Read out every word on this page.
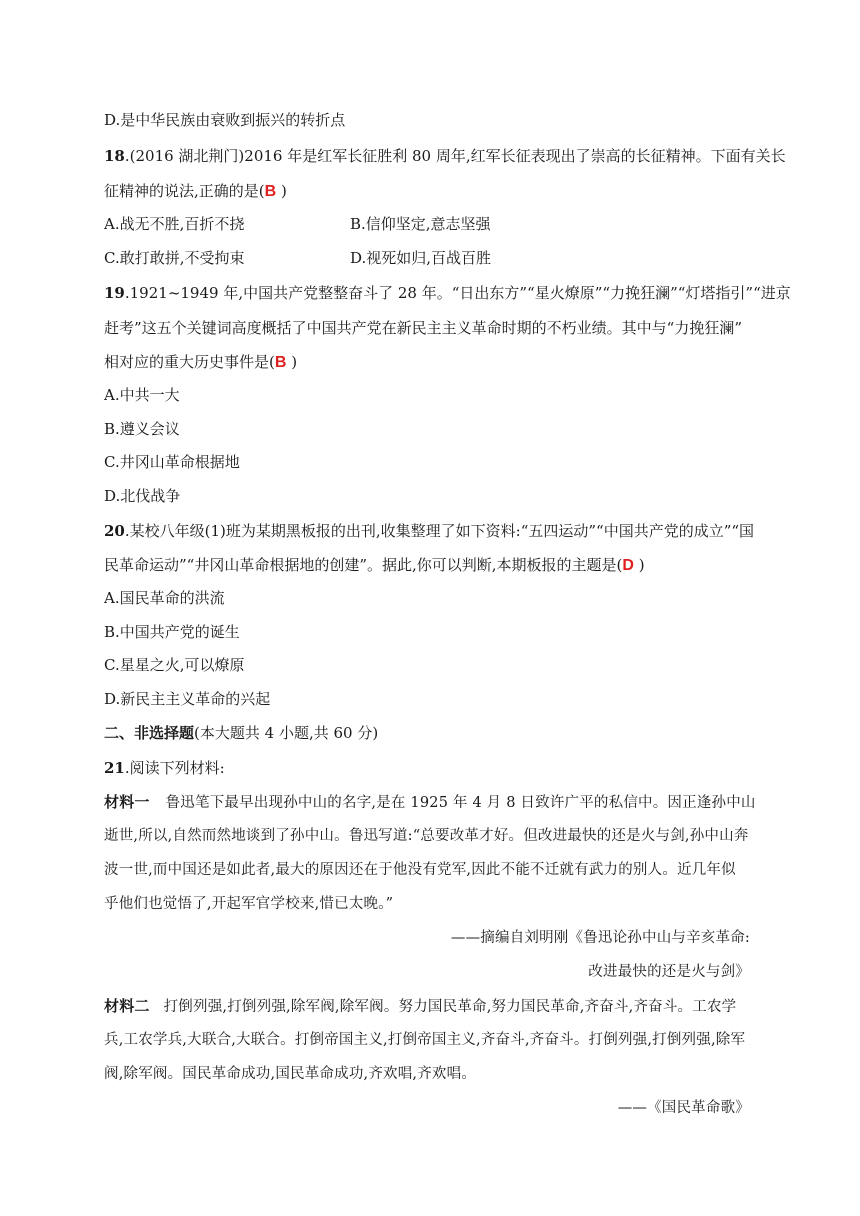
D.是中华民族由衰败到振兴的转折点
18.(2016 湖北荆门)2016 年是红军长征胜利 80 周年,红军长征表现出了崇高的长征精神。下面有关长
征精神的说法,正确的是(B )
A.战无不胜,百折不挠	B.信仰坚定,意志坚强
C.敢打敢拼,不受拘束	D.视死如归,百战百胜
19.1921~1949 年,中国共产党整整奋斗了 28 年。“日出东方”“星火燎原”“力挽狂澜”“灯塔指引”“进京
赶考”这五个关键词高度概括了中国共产党在新民主主义革命时期的不朽业绩。其中与“力挽狂澜”
相对应的重大历史事件是(B )
A.中共一大
B.遵义会议
C.井冈山革命根据地
D.北伐战争
20.某校八年级(1)班为某期黑板报的出刊,收集整理了如下资料:“五四运动”“中国共产党的成立”“国
民革命运动”“井冈山革命根据地的创建”。据此,你可以判断,本期板报的主题是(D )
A.国民革命的洪流
B.中国共产党的诞生
C.星星之火,可以燎原
D.新民主主义革命的兴起
二、非选择题(本大题共 4 小题,共 60 分)
21.阅读下列材料:
材料一 鲁迅笔下最早出现孙中山的名字,是在 1925 年 4 月 8 日致许广平的私信中。因正逢孙中山
逝世,所以,自然而然地谈到了孙中山。鲁迅写道:“总要改革才好。但改进最快的还是火与剑,孙中山奔
波一世,而中国还是如此者,最大的原因还在于他没有党军,因此不能不迁就有武力的别人。近几年似
乎他们也觉悟了,开起军官学校来,惜已太晚。”
——摘编自刘明刚《鲁迅论孙中山与辛亥革命:
改进最快的还是火与剑》
材料二 打倒列强,打倒列强,除军阀,除军阀。努力国民革命,努力国民革命,齐奋斗,齐奋斗。工农学
兵,工农学兵,大联合,大联合。打倒帝国主义,打倒帝国主义,齐奋斗,齐奋斗。打倒列强,打倒列强,除军
阀,除军阀。国民革命成功,国民革命成功,齐欢唱,齐欢唱。
——《国民革命歌》
